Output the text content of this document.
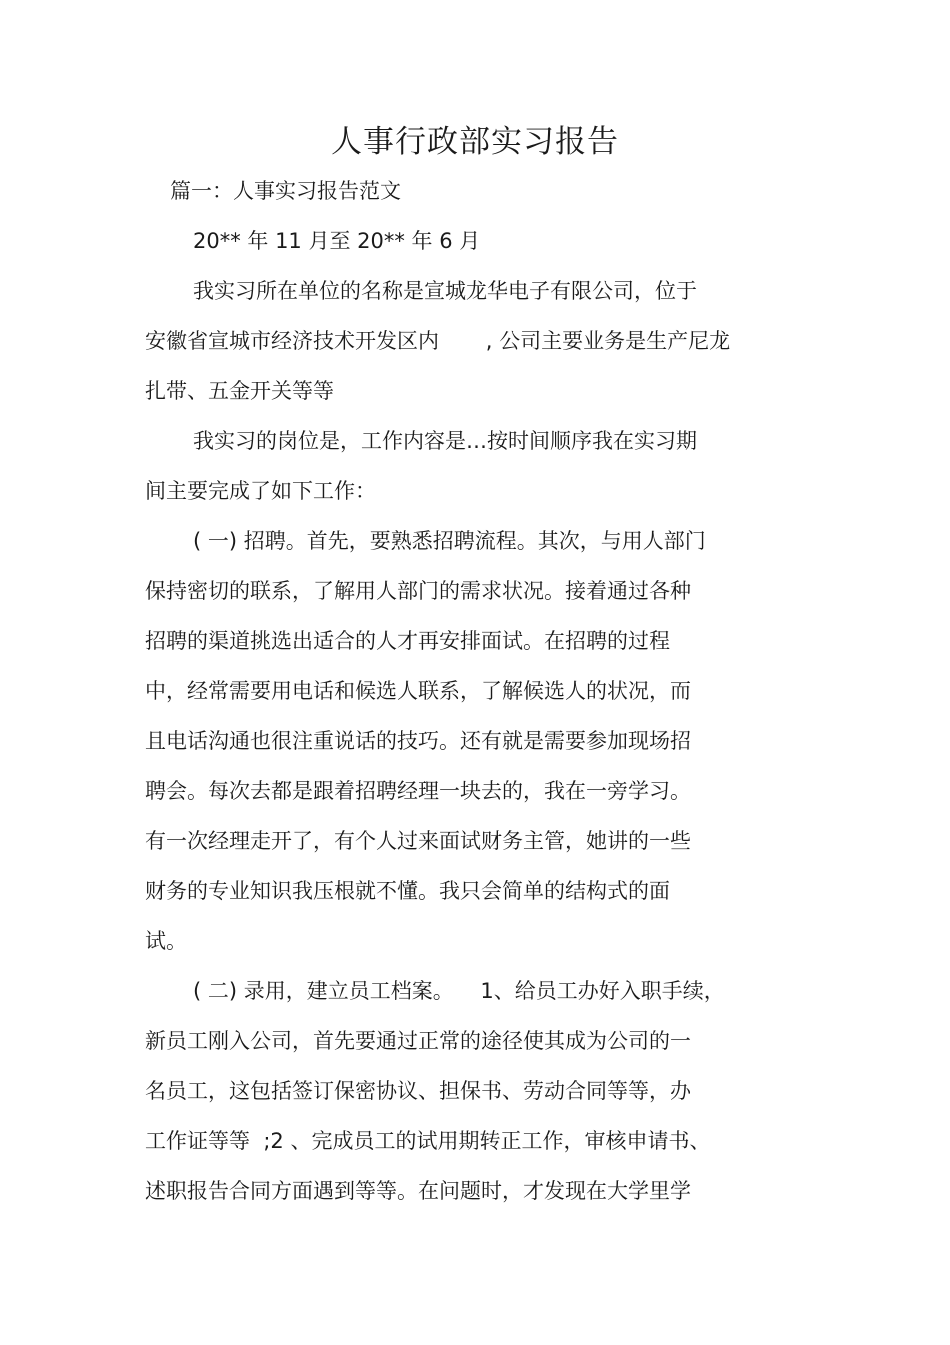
人事行政部实习报告

篇一：人事实习报告范文

20** 年 11 月至 20** 年 6 月

我实习所在单位的名称是宣城龙华电子有限公司，位于

安徽省宣城市经济技术开发区内       , 公司主要业务是生产尼龙

扎带、五金开关等等

我实习的岗位是，工作内容是…按时间顺序我在实习期

间主要完成了如下工作：

( 一) 招聘。首先，要熟悉招聘流程。其次，与用人部门

保持密切的联系，了解用人部门的需求状况。接着通过各种

招聘的渠道挑选出适合的人才再安排面试。在招聘的过程

中，经常需要用电话和候选人联系，了解候选人的状况，而

且电话沟通也很注重说话的技巧。还有就是需要参加现场招

聘会。每次去都是跟着招聘经理一块去的，我在一旁学习。

有一次经理走开了，有个人过来面试财务主管，她讲的一些

财务的专业知识我压根就不懂。我只会简单的结构式的面

试。

( 二) 录用，建立员工档案。    1、给员工办好入职手续，

新员工刚入公司，首先要通过正常的途径使其成为公司的一

名员工，这包括签订保密协议、担保书、劳动合同等等，办

工作证等等  ;2 、完成员工的试用期转正工作，审核申请书、

述职报告合同方面遇到等等。在问题时，才发现在大学里学
